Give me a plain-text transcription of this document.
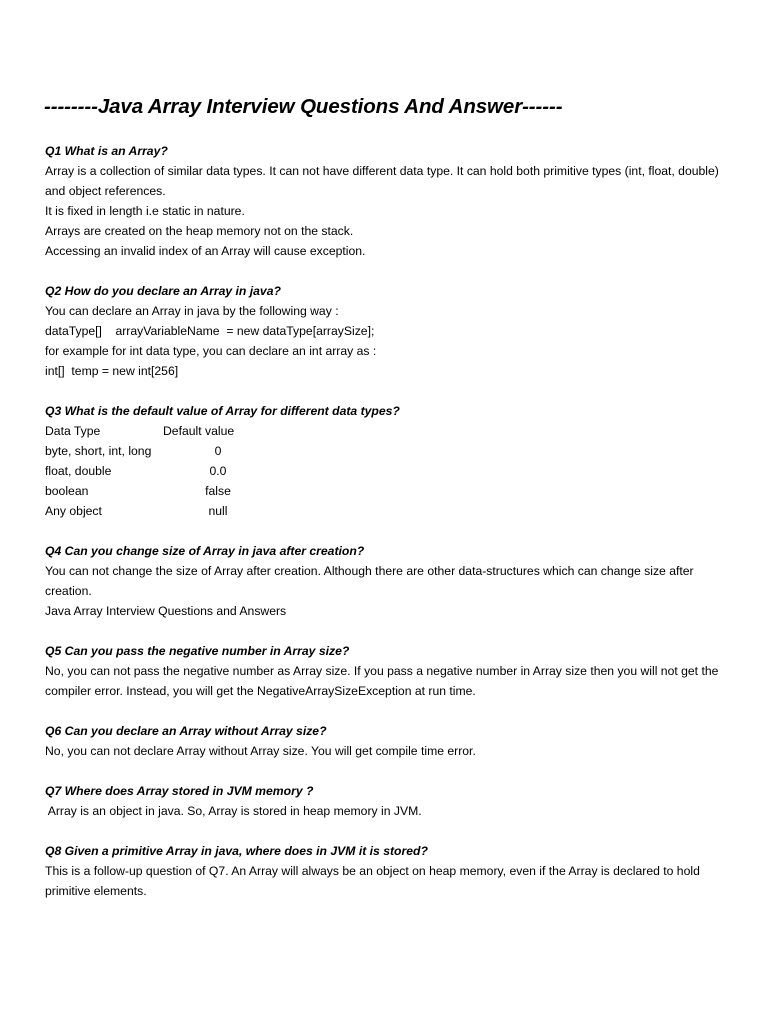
--------Java Array Interview Questions And Answer------
Q1 What is an Array?
Array is a collection of similar data types. It can not have different data type. It can hold both primitive types (int, float, double)
and object references.
It is fixed in length i.e static in nature.
Arrays are created on the heap memory not on the stack.
Accessing an invalid index of an Array will cause exception.
Q2 How do you declare an Array in java?
You can declare an Array in java by the following way :
dataType[]    arrayVariableName  = new dataType[arraySize];
for example for int data type, you can declare an int array as :
int[]  temp = new int[256]
Q3 What is the default value of Array for different data types?
Data Type	Default value
byte, short, int, long	0
float, double	0.0
boolean	false
Any object	null
Q4 Can you change size of Array in java after creation?
You can not change the size of Array after creation. Although there are other data-structures which can change size after
creation.
Java Array Interview Questions and Answers
Q5 Can you pass the negative number in Array size?
No, you can not pass the negative number as Array size. If you pass a negative number in Array size then you will not get the
compiler error. Instead, you will get the NegativeArraySizeException at run time.
Q6 Can you declare an Array without Array size?
No, you can not declare Array without Array size. You will get compile time error.
Q7 Where does Array stored in JVM memory ?
Array is an object in java. So, Array is stored in heap memory in JVM.
Q8 Given a primitive Array in java, where does in JVM it is stored?
This is a follow-up question of Q7. An Array will always be an object on heap memory, even if the Array is declared to hold
primitive elements.
